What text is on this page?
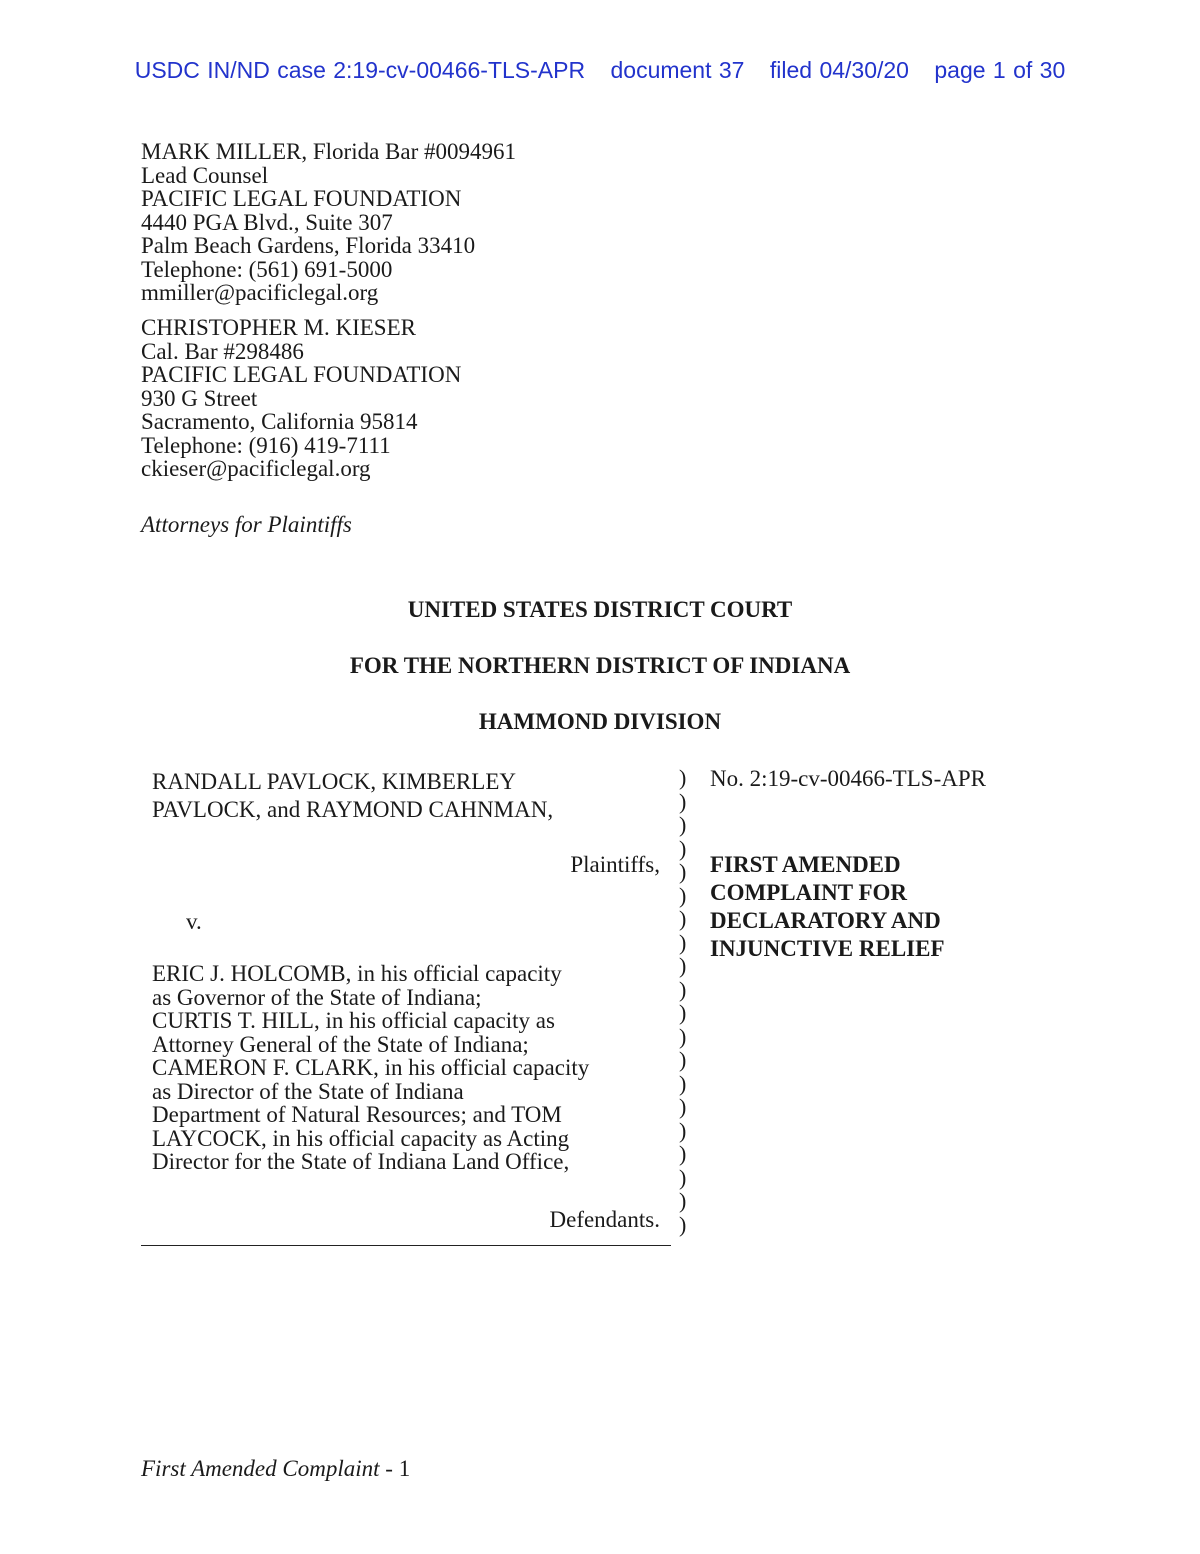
USDC IN/ND case 2:19-cv-00466-TLS-APR document 37 filed 04/30/20 page 1 of 30
MARK MILLER, Florida Bar #0094961
Lead Counsel
PACIFIC LEGAL FOUNDATION
4440 PGA Blvd., Suite 307
Palm Beach Gardens, Florida 33410
Telephone: (561) 691-5000
mmiller@pacificlegal.org
CHRISTOPHER M. KIESER
Cal. Bar #298486
PACIFIC LEGAL FOUNDATION
930 G Street
Sacramento, California 95814
Telephone: (916) 419-7111
ckieser@pacificlegal.org
Attorneys for Plaintiffs
UNITED STATES DISTRICT COURT
FOR THE NORTHERN DISTRICT OF INDIANA
HAMMOND DIVISION
RANDALL PAVLOCK, KIMBERLEY
PAVLOCK, and RAYMOND CAHNMAN,
Plaintiffs,
v.
ERIC J. HOLCOMB, in his official capacity
as Governor of the State of Indiana;
CURTIS T. HILL, in his official capacity as
Attorney General of the State of Indiana;
CAMERON F. CLARK, in his official capacity
as Director of the State of Indiana
Department of Natural Resources; and TOM
LAYCOCK, in his official capacity as Acting
Director for the State of Indiana Land Office,
Defendants.
)
)
)
)
)
)
)
)
)
)
)
)
)
)
)
)
)
)
)
)
No. 2:19-cv-00466-TLS-APR
FIRST AMENDED
COMPLAINT FOR
DECLARATORY AND
INJUNCTIVE RELIEF
First Amended Complaint - 1
